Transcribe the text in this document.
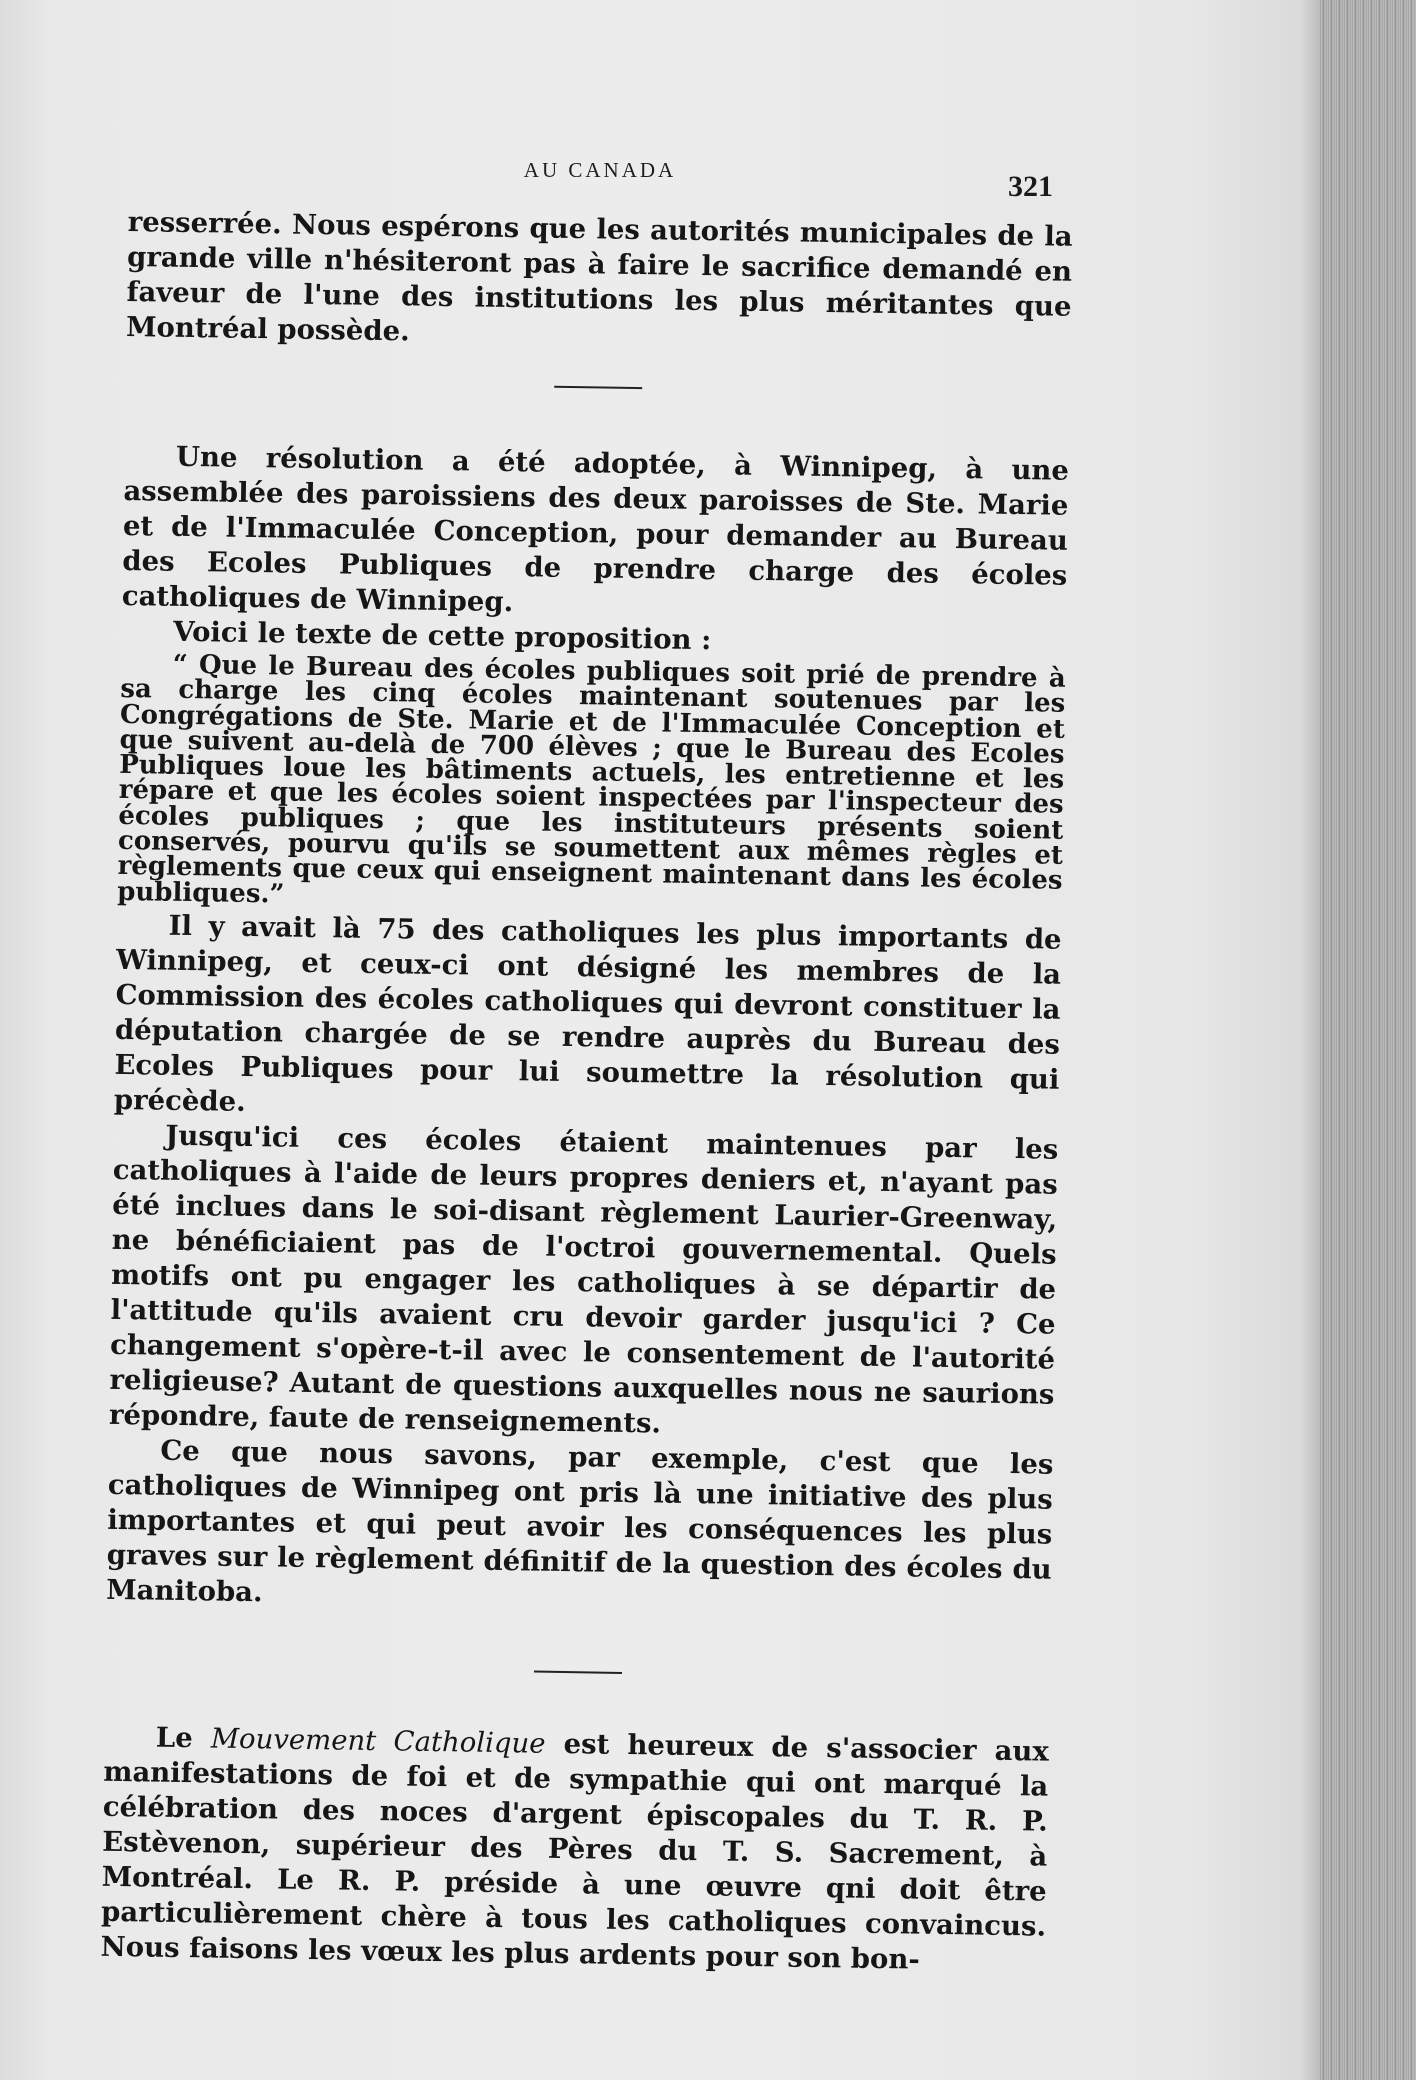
AU CANADA	321

resserrée. Nous espérons que les autorités municipales de la grande ville n'hésiteront pas à faire le sacrifice demandé en faveur de l'une des institutions les plus méritantes que Montréal possède.

Une résolution a été adoptée, à Winnipeg, à une assemblée des paroissiens des deux paroisses de Ste. Marie et de l'Immaculée Conception, pour demander au Bureau des Ecoles Publiques de prendre charge des écoles catholiques de Winnipeg.

Voici le texte de cette proposition :

“ Que le Bureau des écoles publiques soit prié de prendre à sa charge les cinq écoles maintenant soutenues par les Congrégations de Ste. Marie et de l'Immaculée Conception et que suivent au-delà de 700 élèves ; que le Bureau des Ecoles Publiques loue les bâtiments actuels, les entretienne et les répare et que les écoles soient inspectées par l'inspecteur des écoles publiques ; que les instituteurs présents soient conservés, pourvu qu'ils se soumettent aux mêmes règles et règlements que ceux qui enseignent maintenant dans les écoles publiques.”

Il y avait là 75 des catholiques les plus importants de Winnipeg, et ceux-ci ont désigné les membres de la Commission des écoles catholiques qui devront constituer la députation chargée de se rendre auprès du Bureau des Ecoles Publiques pour lui soumettre la résolution qui précède.

Jusqu'ici ces écoles étaient maintenues par les catholiques à l'aide de leurs propres deniers et, n'ayant pas été inclues dans le soi-disant règlement Laurier-Greenway, ne bénéficiaient pas de l'octroi gouvernemental. Quels motifs ont pu engager les catholiques à se départir de l'attitude qu'ils avaient cru devoir garder jusqu'ici ? Ce changement s'opère-t-il avec le consentement de l'autorité religieuse? Autant de questions auxquelles nous ne saurions répondre, faute de renseignements.

Ce que nous savons, par exemple, c'est que les catholiques de Winnipeg ont pris là une initiative des plus importantes et qui peut avoir les conséquences les plus graves sur le règlement définitif de la question des écoles du Manitoba.

Le Mouvement Catholique est heureux de s'associer aux manifestations de foi et de sympathie qui ont marqué la célébration des noces d'argent épiscopales du T. R. P. Estèvenon, supérieur des Pères du T. S. Sacrement, à Montréal. Le R. P. préside à une œuvre qni doit être particulièrement chère à tous les catholiques convaincus. Nous faisons les vœux les plus ardents pour son bon-
